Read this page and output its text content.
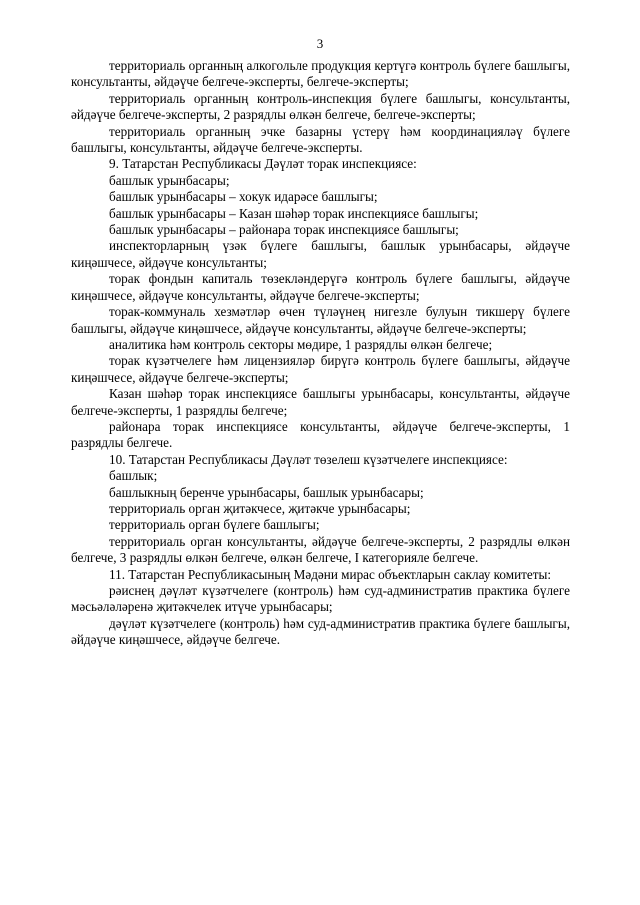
3

территориаль органның алкогольле продукция кертүгә контроль бүлеге башлыгы, консультанты, әйдәүче белгече-эксперты, белгече-эксперты;

территориаль органның контроль-инспекция бүлеге башлыгы, консультанты, әйдәүче белгече-эксперты, 2 разрядлы өлкән белгече, белгече-эксперты;

территориаль органның эчке базарны үстерү һәм координацияләү бүлеге башлыгы, консультанты, әйдәүче белгече-эксперты.

9. Татарстан Республикасы Дәүләт торак инспекциясе:

башлык урынбасары;

башлык урынбасары – хокук идарәсе башлыгы;

башлык урынбасары – Казан шәһәр торак инспекциясе башлыгы;

башлык урынбасары – районара торак инспекциясе башлыгы;

инспекторларның үзәк бүлеге башлыгы, башлык урынбасары, әйдәүче киңәшчесе, әйдәүче консультанты;

торак фондын капиталь төзекләндерүгә контроль бүлеге башлыгы, әйдәүче киңәшчесе, әйдәүче консультанты, әйдәүче белгече-эксперты;

торак-коммуналь хезмәтләр өчен түләүнең нигезле булуын тикшерү бүлеге башлыгы, әйдәүче киңәшчесе, әйдәүче консультанты, әйдәүче белгече-эксперты;

аналитика һәм контроль секторы мөдире, 1 разрядлы өлкән белгече;

торак күзәтчелеге һәм лицензияләр бирүгә контроль бүлеге башлыгы, әйдәүче киңәшчесе, әйдәүче белгече-эксперты;

Казан шәһәр торак инспекциясе башлыгы урынбасары, консультанты, әйдәүче белгече-эксперты, 1 разрядлы белгече;

районара торак инспекциясе консультанты, әйдәүче белгече-эксперты, 1 разрядлы белгече.

10. Татарстан Республикасы Дәүләт төзелеш күзәтчелеге инспекциясе:

башлык;

башлыкның беренче урынбасары, башлык урынбасары;

территориаль орган җитәкчесе, җитәкче урынбасары;

территориаль орган бүлеге башлыгы;

территориаль орган консультанты, әйдәүче белгече-эксперты, 2 разрядлы өлкән белгече, 3 разрядлы өлкән белгече, өлкән белгече, I категорияле белгече.

11. Татарстан Республикасының Мәдәни мирас объектларын саклау комитеты:

рәиснең дәүләт күзәтчелеге (контроль) һәм суд-административ практика бүлеге мәсьәләләренә җитәкчелек итүче урынбасары;

дәүләт күзәтчелеге (контроль) һәм суд-административ практика бүлеге башлыгы, әйдәүче киңәшчесе, әйдәүче белгече.
